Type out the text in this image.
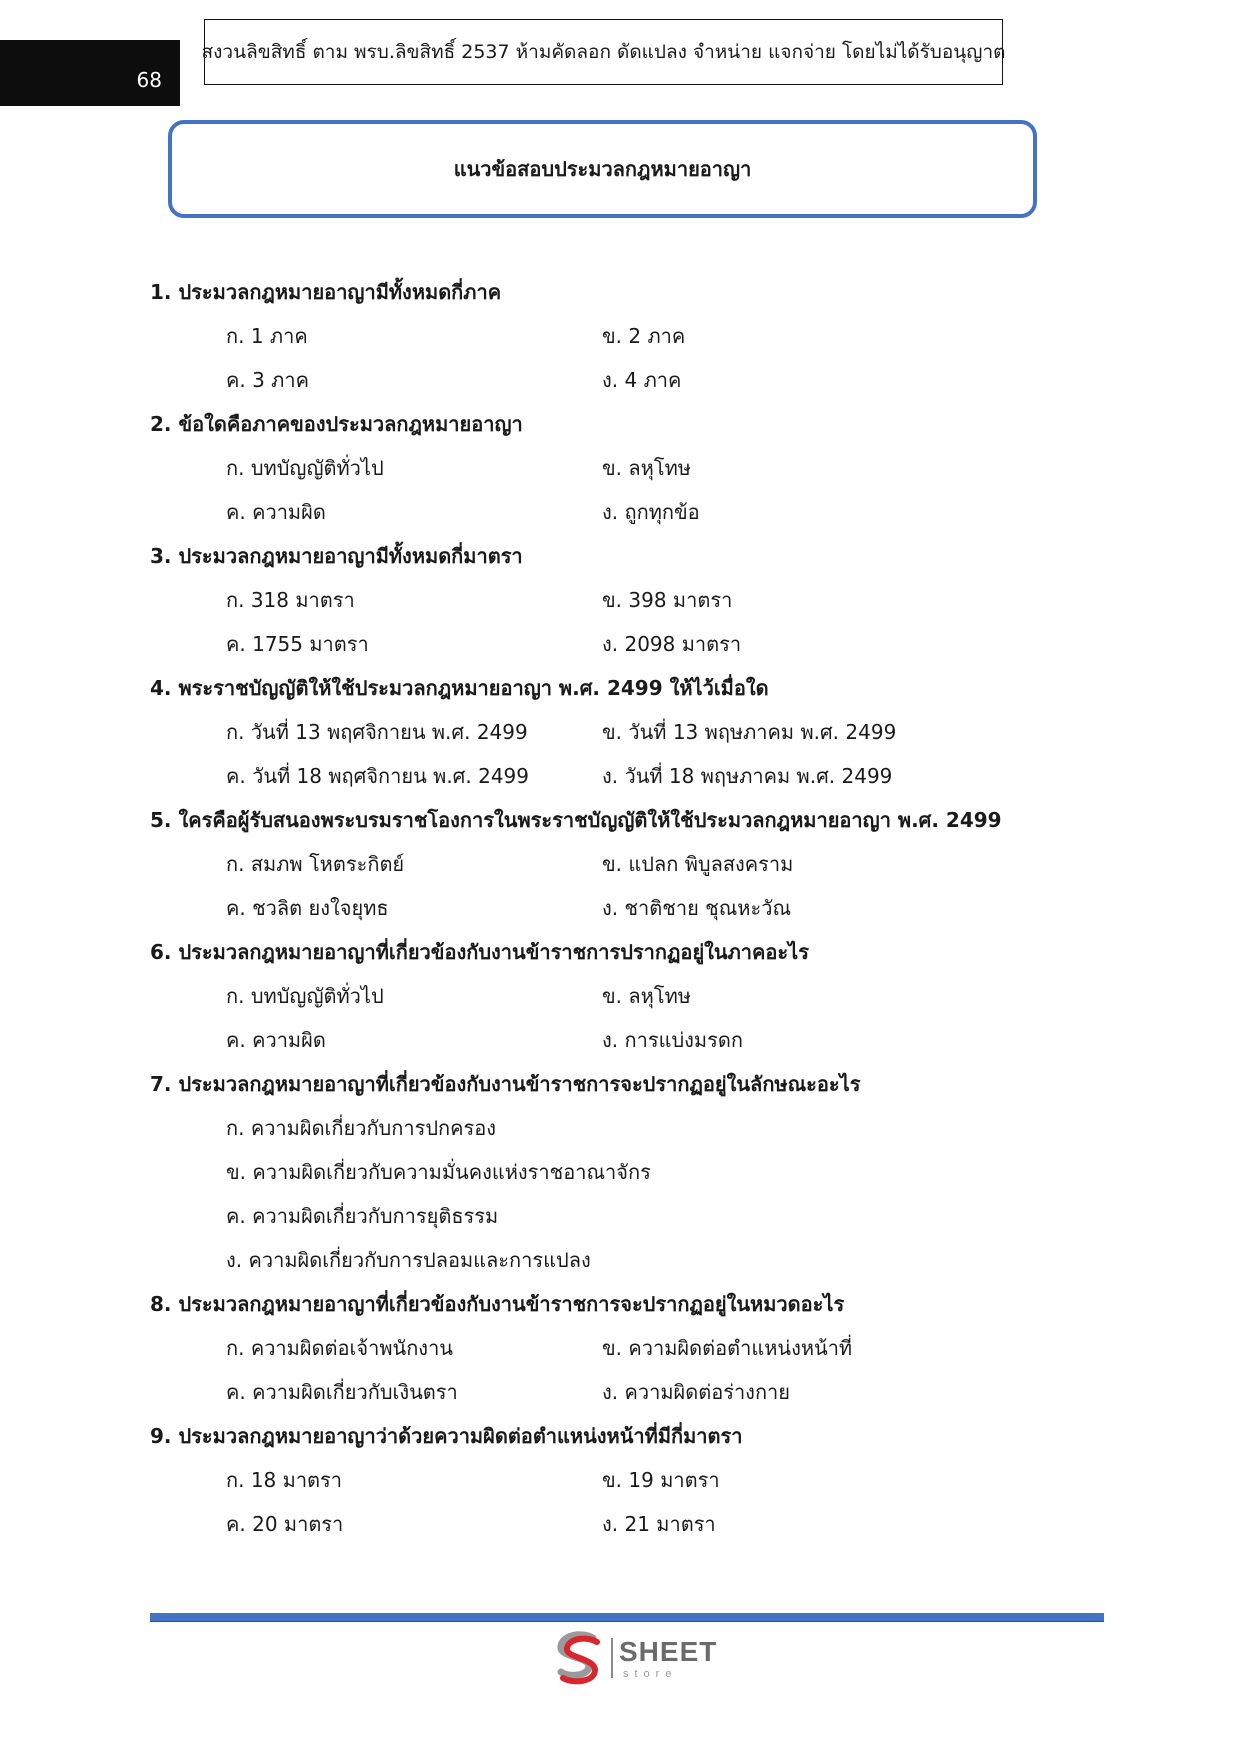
68
สงวนลิขสิทธิ์ ตาม พรบ.ลิขสิทธิ์ 2537 ห้ามคัดลอก ดัดแปลง จำหน่าย แจกจ่าย โดยไม่ได้รับอนุญาต
แนวข้อสอบประมวลกฎหมายอาญา
1. ประมวลกฎหมายอาญามีทั้งหมดกี่ภาค
ก. 1 ภาค	ข. 2 ภาค
ค. 3 ภาค	ง. 4 ภาค
2. ข้อใดคือภาคของประมวลกฎหมายอาญา
ก. บทบัญญัติทั่วไป	ข. ลหุโทษ
ค. ความผิด	ง. ถูกทุกข้อ
3. ประมวลกฎหมายอาญามีทั้งหมดกี่มาตรา
ก. 318 มาตรา	ข. 398 มาตรา
ค. 1755 มาตรา	ง. 2098 มาตรา
4. พระราชบัญญัติให้ใช้ประมวลกฎหมายอาญา พ.ศ. 2499 ให้ไว้เมื่อใด
ก. วันที่ 13 พฤศจิกายน พ.ศ. 2499	ข. วันที่ 13 พฤษภาคม พ.ศ. 2499
ค. วันที่ 18 พฤศจิกายน พ.ศ. 2499	ง. วันที่ 18 พฤษภาคม พ.ศ. 2499
5. ใครคือผู้รับสนองพระบรมราชโองการในพระราชบัญญัติให้ใช้ประมวลกฎหมายอาญา พ.ศ. 2499
ก. สมภพ โหตระกิตย์	ข. แปลก พิบูลสงคราม
ค. ชวลิต ยงใจยุทธ	ง. ชาติชาย ชุณหะวัณ
6. ประมวลกฎหมายอาญาที่เกี่ยวข้องกับงานข้าราชการปรากฏอยู่ในภาคอะไร
ก. บทบัญญัติทั่วไป	ข. ลหุโทษ
ค. ความผิด	ง. การแบ่งมรดก
7. ประมวลกฎหมายอาญาที่เกี่ยวข้องกับงานข้าราชการจะปรากฏอยู่ในลักษณะอะไร
ก. ความผิดเกี่ยวกับการปกครอง
ข. ความผิดเกี่ยวกับความมั่นคงแห่งราชอาณาจักร
ค. ความผิดเกี่ยวกับการยุติธรรม
ง. ความผิดเกี่ยวกับการปลอมและการแปลง
8. ประมวลกฎหมายอาญาที่เกี่ยวข้องกับงานข้าราชการจะปรากฏอยู่ในหมวดอะไร
ก. ความผิดต่อเจ้าพนักงาน	ข. ความผิดต่อตำแหน่งหน้าที่
ค. ความผิดเกี่ยวกับเงินตรา	ง. ความผิดต่อร่างกาย
9. ประมวลกฎหมายอาญาว่าด้วยความผิดต่อตำแหน่งหน้าที่มีกี่มาตรา
ก. 18 มาตรา	ข. 19 มาตรา
ค. 20 มาตรา	ง. 21 มาตรา
SHEET
store
